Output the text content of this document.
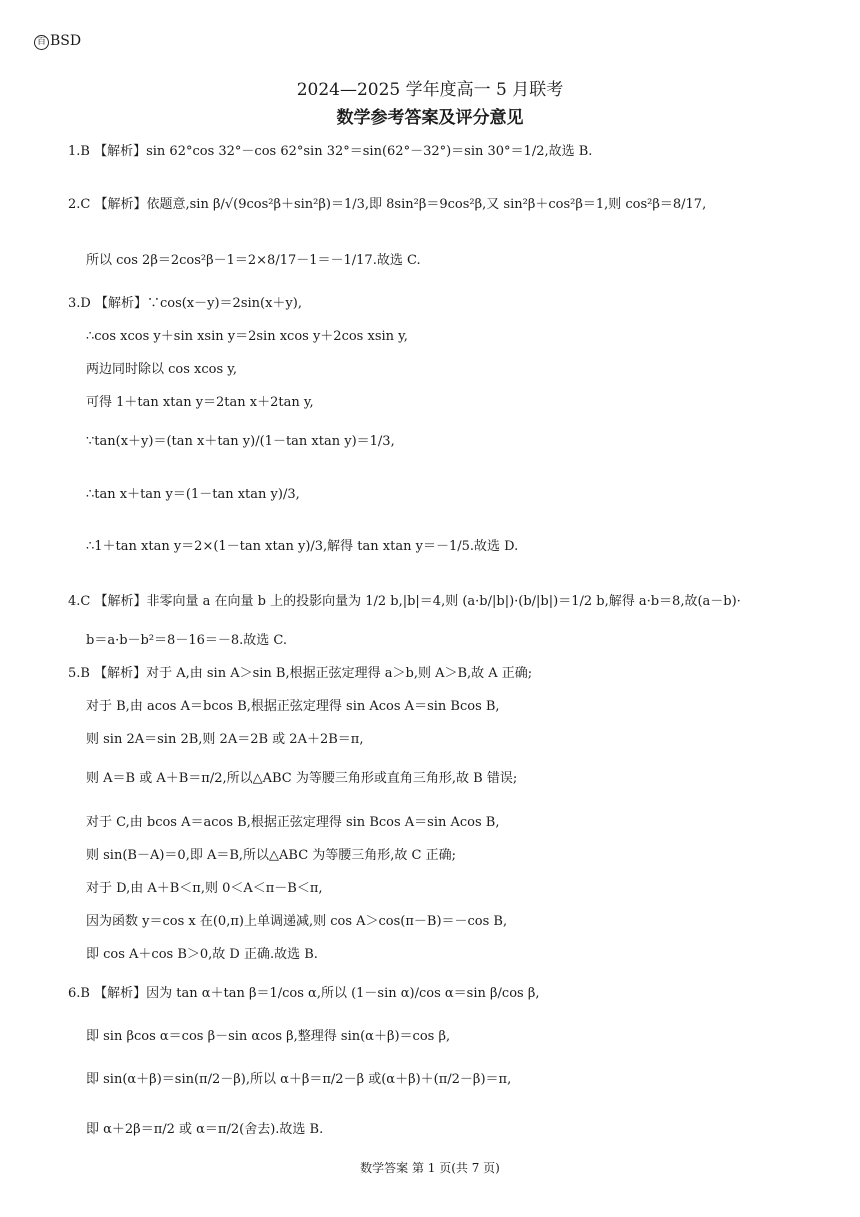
百 BSD
2024—2025 学年度高一 5 月联考
数学参考答案及评分意见
1.B 【解析】sin 62°cos 32°－cos 62°sin 32°＝sin(62°－32°)＝sin 30°＝1/2,故选 B.
2.C 【解析】依题意,sin β/√(9cos²β＋sin²β)＝1/3,即 8sin²β＝9cos²β,又 sin²β＋cos²β＝1,则 cos²β＝8/17,
所以 cos 2β＝2cos²β－1＝2×8/17－1＝－1/17.故选 C.
3.D 【解析】∵cos(x－y)＝2sin(x＋y),
∴cos xcos y＋sin xsin y＝2sin xcos y＋2cos xsin y,
两边同时除以 cos xcos y,
可得 1＋tan xtan y＝2tan x＋2tan y,
∵tan(x＋y)＝(tan x＋tan y)/(1－tan xtan y)＝1/3,
∴tan x＋tan y＝(1－tan xtan y)/3,
∴1＋tan xtan y＝2×(1－tan xtan y)/3,解得 tan xtan y＝－1/5.故选 D.
4.C 【解析】非零向量 a 在向量 b 上的投影向量为 1/2 b,|b|＝4,则 (a·b/|b|)·(b/|b|)＝1/2 b,解得 a·b＝8,故(a－b)·
b＝a·b－b²＝8－16＝－8.故选 C.
5.B 【解析】对于 A,由 sin A＞sin B,根据正弦定理得 a＞b,则 A＞B,故 A 正确;
对于 B,由 acos A＝bcos B,根据正弦定理得 sin Acos A＝sin Bcos B,
则 sin 2A＝sin 2B,则 2A＝2B 或 2A＋2B＝π,
则 A＝B 或 A＋B＝π/2,所以△ABC 为等腰三角形或直角三角形,故 B 错误;
对于 C,由 bcos A＝acos B,根据正弦定理得 sin Bcos A＝sin Acos B,
则 sin(B－A)＝0,即 A＝B,所以△ABC 为等腰三角形,故 C 正确;
对于 D,由 A＋B＜π,则 0＜A＜π－B＜π,
因为函数 y＝cos x 在(0,π)上单调递减,则 cos A＞cos(π－B)＝－cos B,
即 cos A＋cos B＞0,故 D 正确.故选 B.
6.B 【解析】因为 tan α＋tan β＝1/cos α,所以 (1－sin α)/cos α＝sin β/cos β,
即 sin βcos α＝cos β－sin αcos β,整理得 sin(α＋β)＝cos β,
即 sin(α＋β)＝sin(π/2－β),所以 α＋β＝π/2－β 或(α＋β)＋(π/2－β)＝π,
即 α＋2β＝π/2 或 α＝π/2(舍去).故选 B.
数学答案 第 1 页(共 7 页)
